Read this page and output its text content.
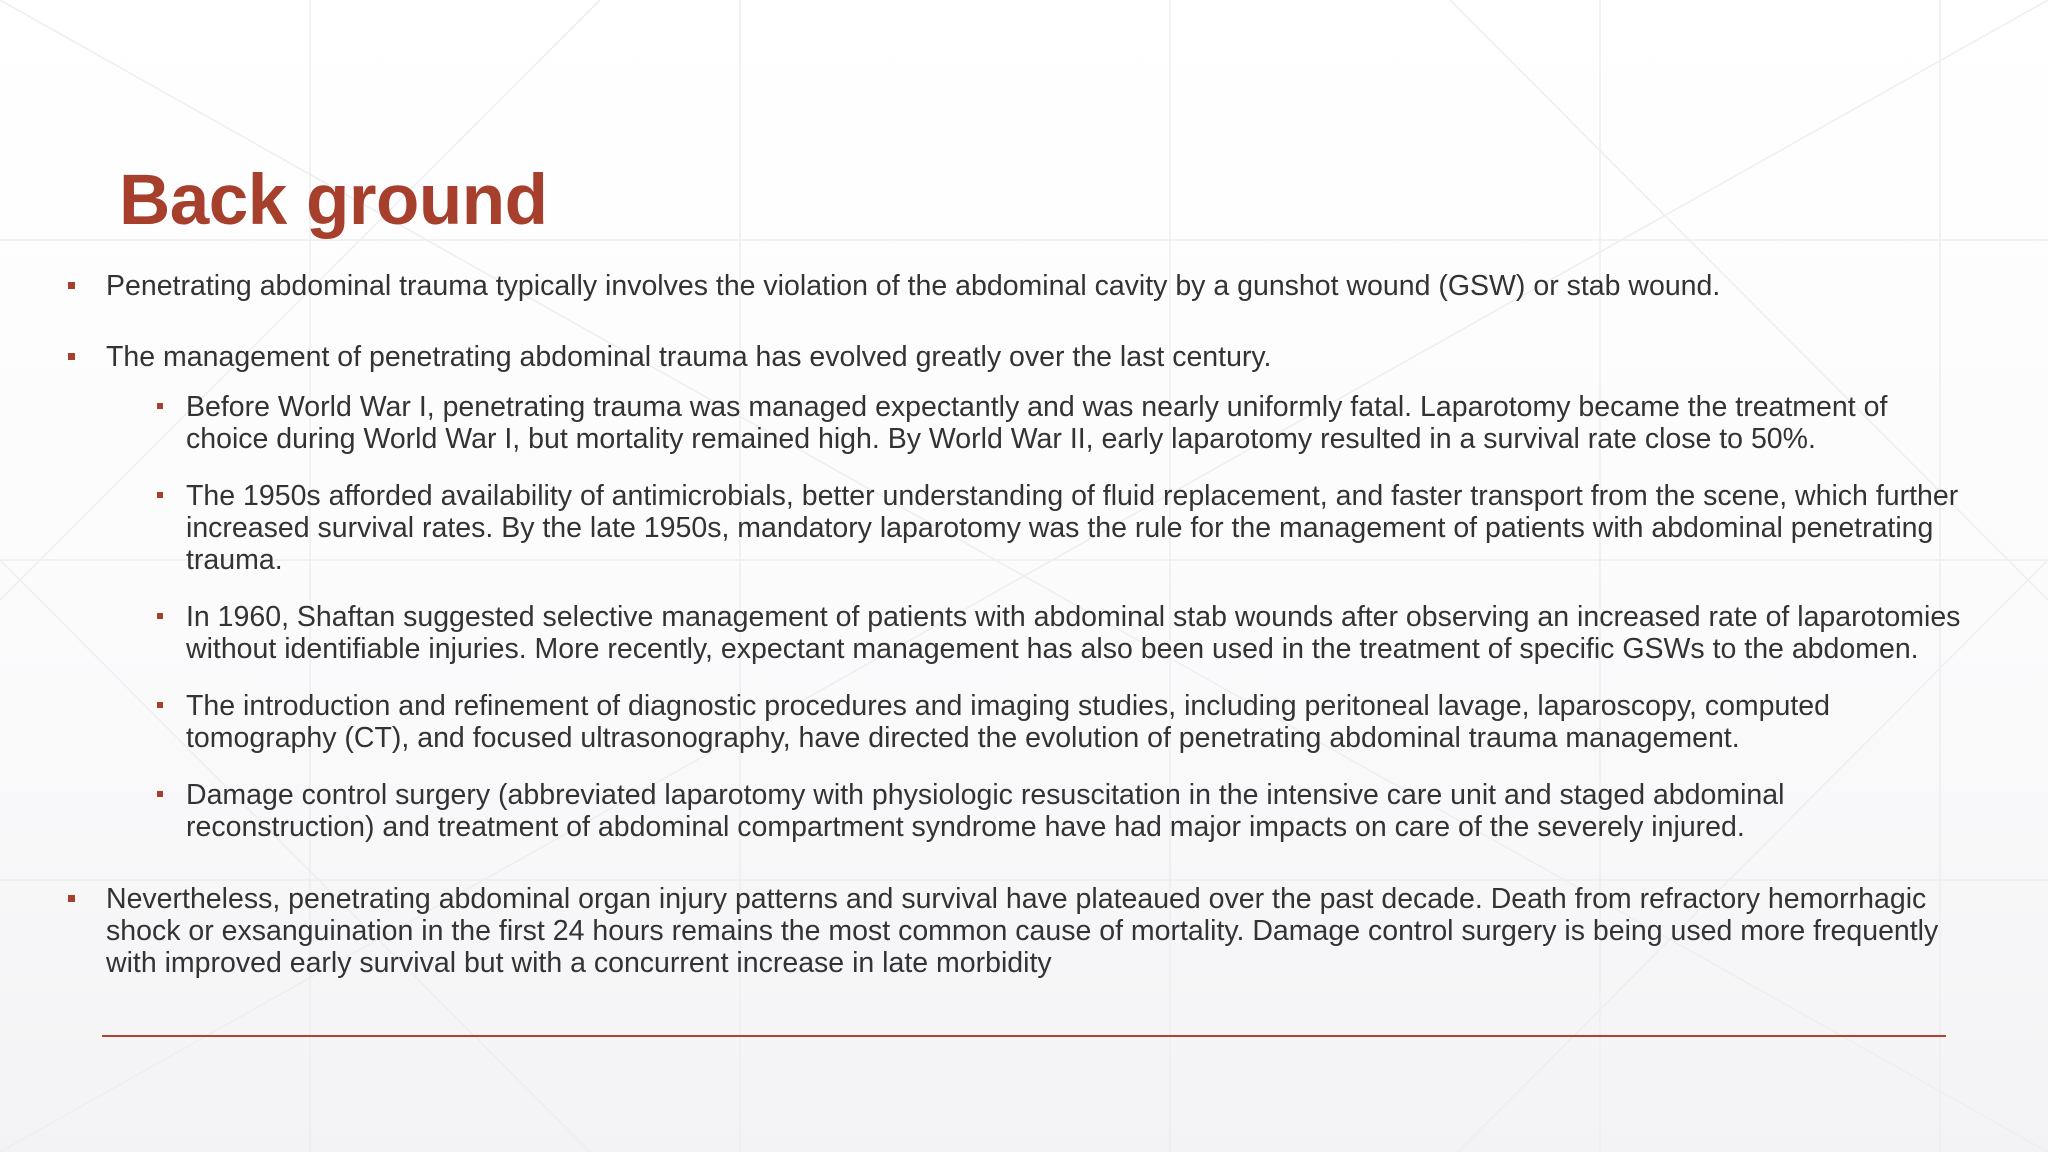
Back ground
Penetrating abdominal trauma typically involves the violation of the abdominal cavity by a gunshot wound (GSW) or stab wound.
The management of penetrating abdominal trauma has evolved greatly over the last century.
Before World War I, penetrating trauma was managed expectantly and was nearly uniformly fatal. Laparotomy became the treatment of choice during World War I, but mortality remained high. By World War II, early laparotomy resulted in a survival rate close to 50%.
The 1950s afforded availability of antimicrobials, better understanding of fluid replacement, and faster transport from the scene, which further increased survival rates. By the late 1950s, mandatory laparotomy was the rule for the management of patients with abdominal penetrating trauma.
In 1960, Shaftan suggested selective management of patients with abdominal stab wounds after observing an increased rate of laparotomies without identifiable injuries. More recently, expectant management has also been used in the treatment of specific GSWs to the abdomen.
The introduction and refinement of diagnostic procedures and imaging studies, including peritoneal lavage, laparoscopy, computed tomography (CT), and focused ultrasonography, have directed the evolution of penetrating abdominal trauma management.
Damage control surgery (abbreviated laparotomy with physiologic resuscitation in the intensive care unit and staged abdominal reconstruction) and treatment of abdominal compartment syndrome have had major impacts on care of the severely injured.
Nevertheless, penetrating abdominal organ injury patterns and survival have plateaued over the past decade. Death from refractory hemorrhagic shock or exsanguination in the first 24 hours remains the most common cause of mortality. Damage control surgery is being used more frequently with improved early survival but with a concurrent increase in late morbidity
